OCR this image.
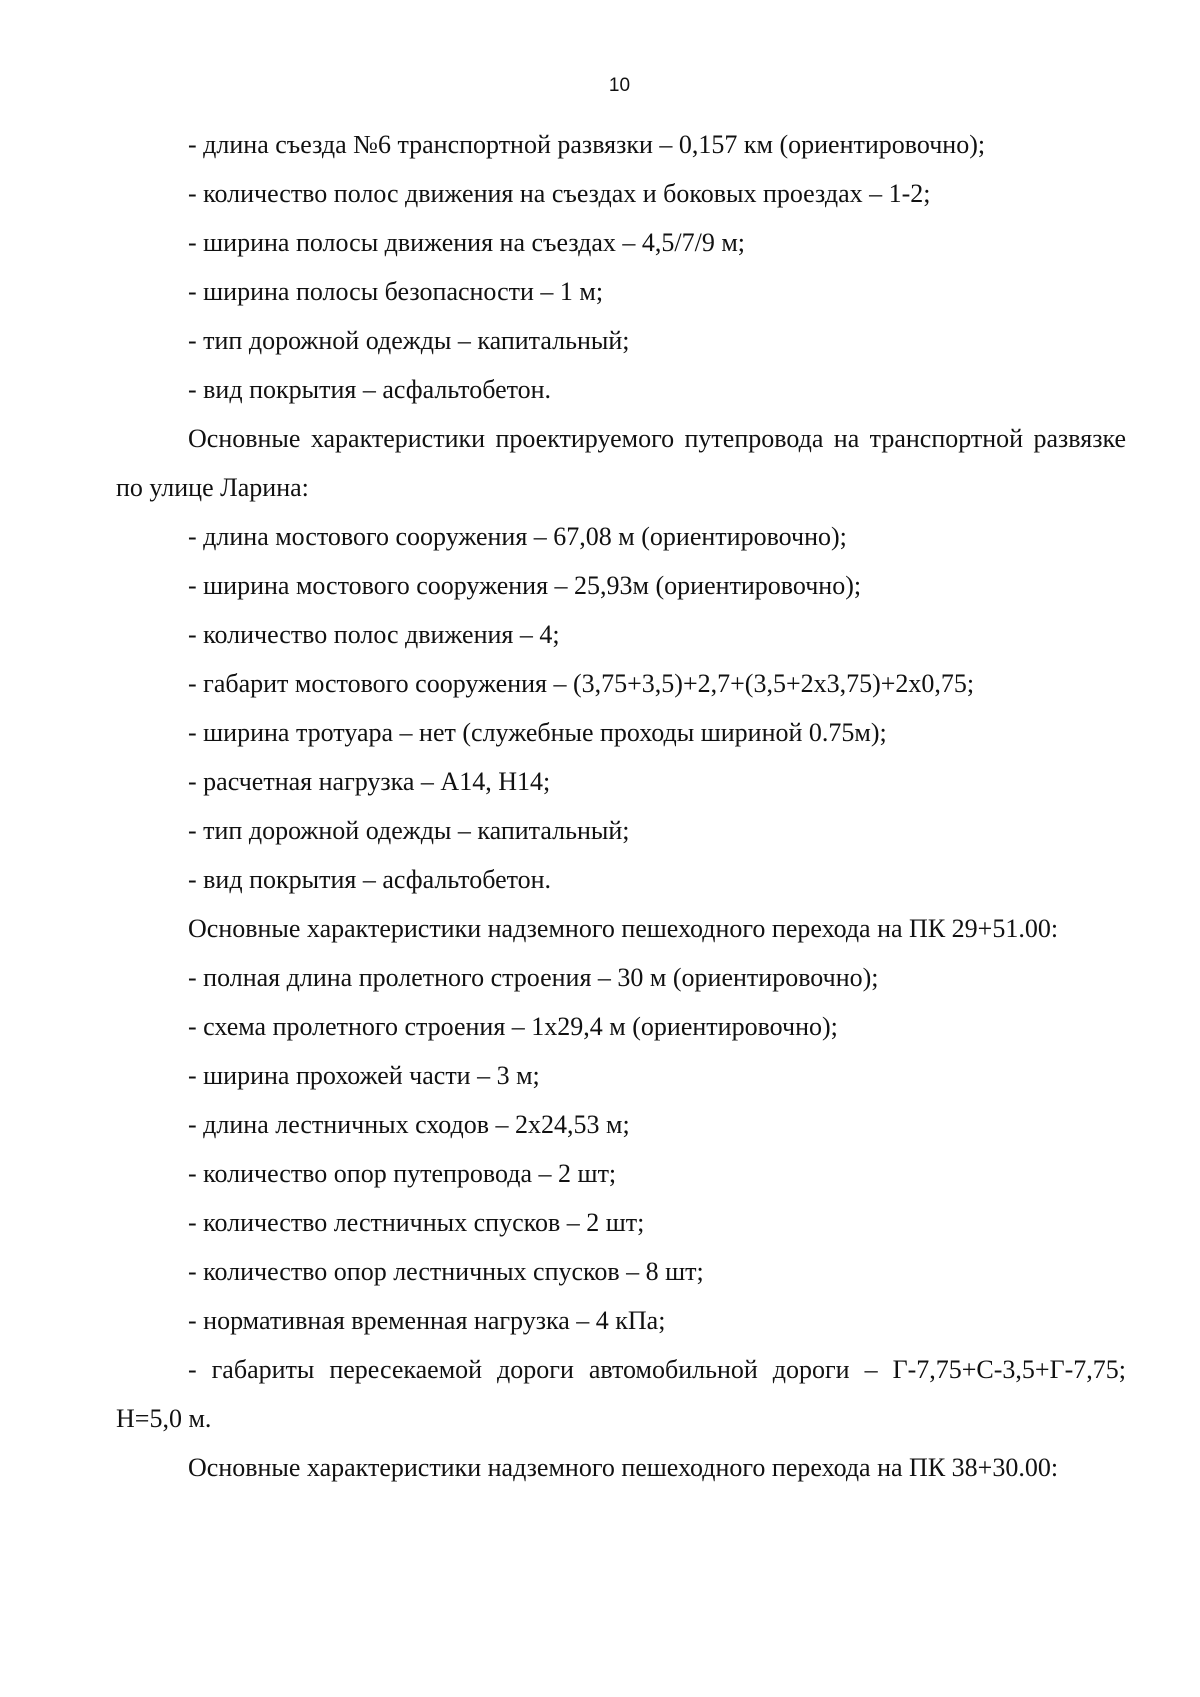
10

- длина съезда №6 транспортной развязки – 0,157 км (ориентировочно);

- количество полос движения на съездах и боковых проездах – 1-2;

- ширина полосы движения на съездах – 4,5/7/9 м;

- ширина полосы безопасности – 1 м;

- тип дорожной одежды – капитальный;

- вид покрытия – асфальтобетон.

Основные характеристики проектируемого путепровода на транспортной развязке по улице Ларина:

- длина мостового сооружения – 67,08 м (ориентировочно);

- ширина мостового сооружения – 25,93м (ориентировочно);

- количество полос движения – 4;

- габарит мостового сооружения – (3,75+3,5)+2,7+(3,5+2х3,75)+2х0,75;

- ширина тротуара – нет (служебные проходы шириной 0.75м);

- расчетная нагрузка – А14, Н14;

- тип дорожной одежды – капитальный;

- вид покрытия – асфальтобетон.

Основные характеристики надземного пешеходного перехода на ПК 29+51.00:

- полная длина пролетного строения – 30 м (ориентировочно);

- схема пролетного строения – 1х29,4 м (ориентировочно);

- ширина прохожей части – 3 м;

- длина лестничных сходов – 2х24,53 м;

- количество опор путепровода – 2 шт;

- количество лестничных спусков – 2 шт;

- количество опор лестничных спусков – 8 шт;

- нормативная временная нагрузка – 4 кПа;

- габариты пересекаемой дороги автомобильной дороги – Г-7,75+С-3,5+Г-7,75; Н=5,0 м.

Основные характеристики надземного пешеходного перехода на ПК 38+30.00:
